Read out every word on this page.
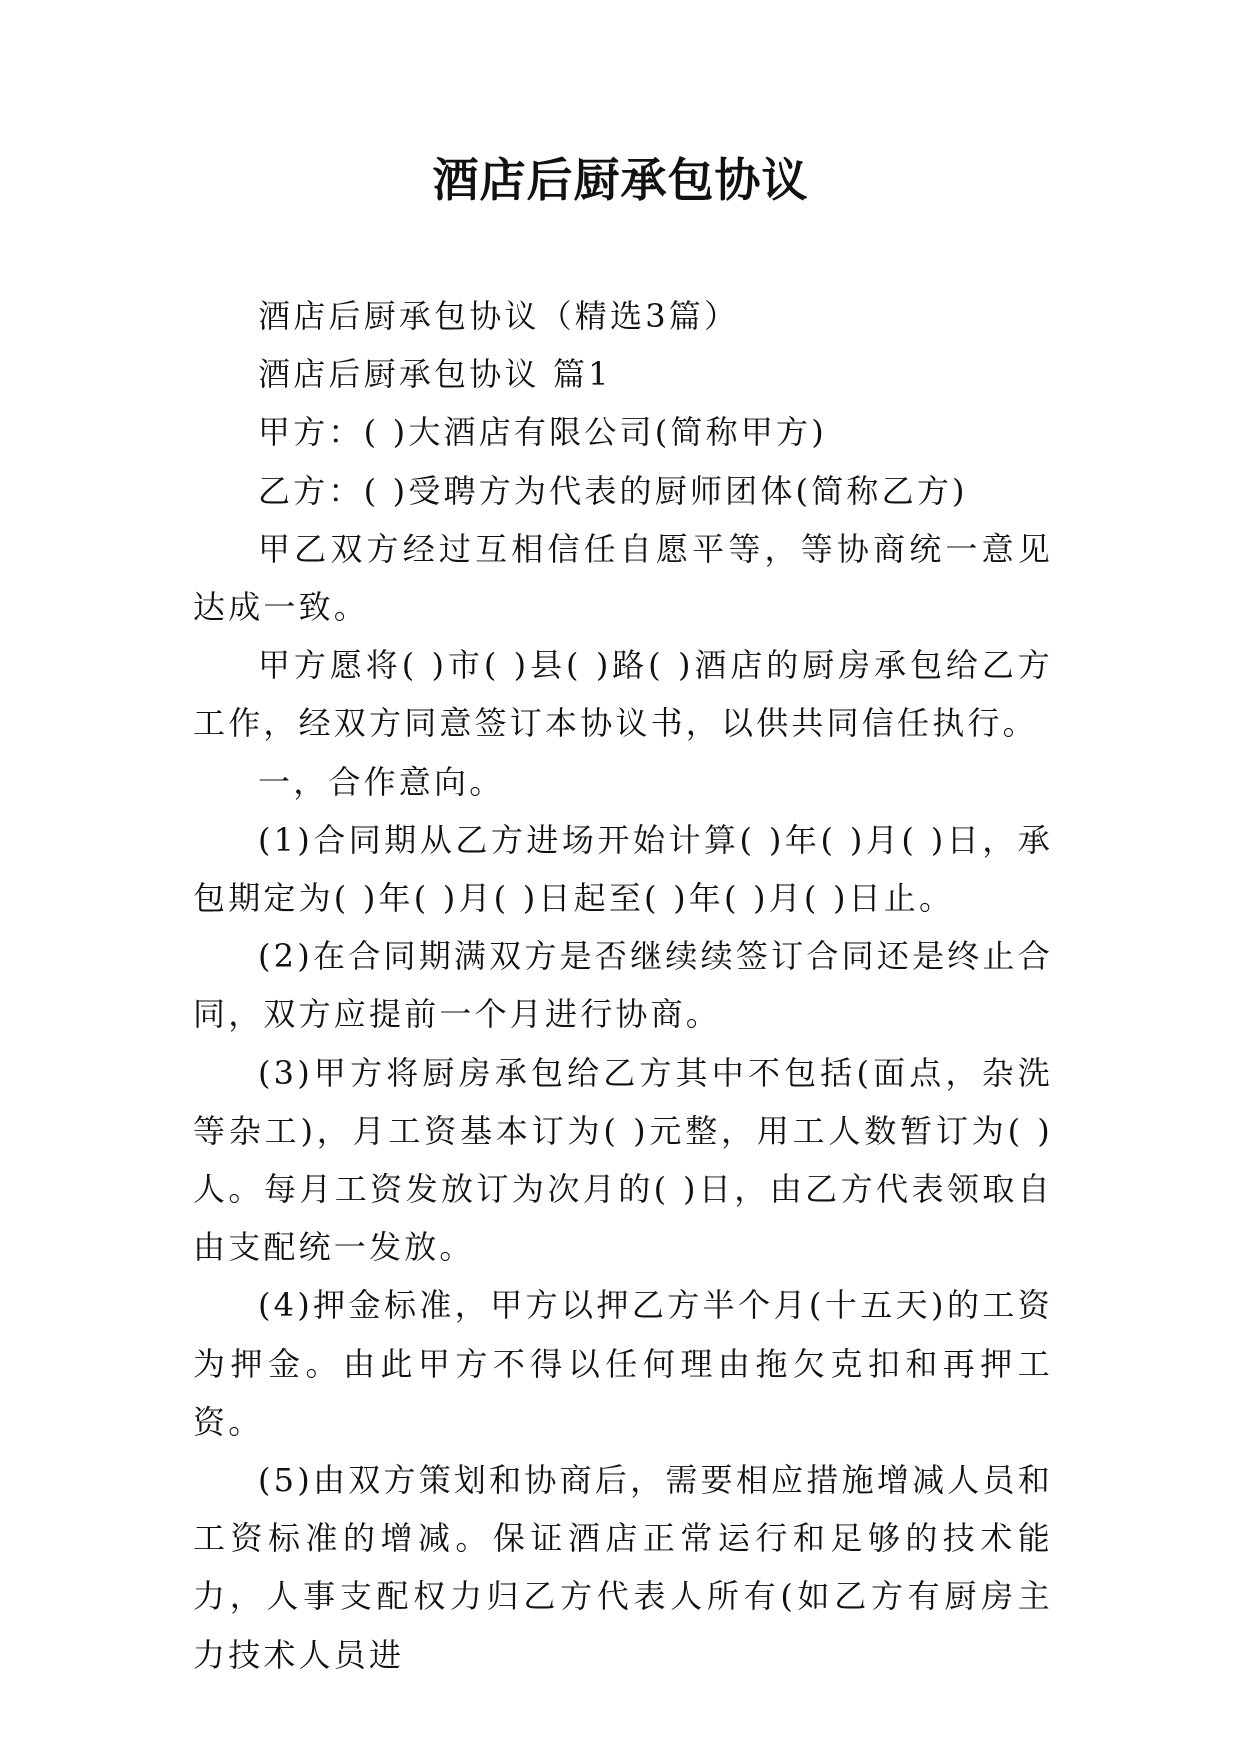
酒店后厨承包协议

酒店后厨承包协议（精选3篇）

酒店后厨承包协议 篇1

甲方：( )大酒店有限公司(简称甲方)

乙方：( )受聘方为代表的厨师团体(简称乙方)

甲乙双方经过互相信任自愿平等，等协商统一意见达成一致。

甲方愿将( )市( )县( )路( )酒店的厨房承包给乙方工作，经双方同意签订本协议书，以供共同信任执行。

一，合作意向。

(1)合同期从乙方进场开始计算( )年( )月( )日，承包期定为( )年( )月( )日起至( )年( )月( )日止。

(2)在合同期满双方是否继续续签订合同还是终止合同，双方应提前一个月进行协商。

(3)甲方将厨房承包给乙方其中不包括(面点，杂洗等杂工)，月工资基本订为( )元整，用工人数暂订为( )人。每月工资发放订为次月的( )日，由乙方代表领取自由支配统一发放。

(4)押金标准，甲方以押乙方半个月(十五天)的工资为押金。由此甲方不得以任何理由拖欠克扣和再押工资。

(5)由双方策划和协商后，需要相应措施增减人员和工资标准的增减。保证酒店正常运行和足够的技术能力，人事支配权力归乙方代表人所有(如乙方有厨房主力技术人员进
